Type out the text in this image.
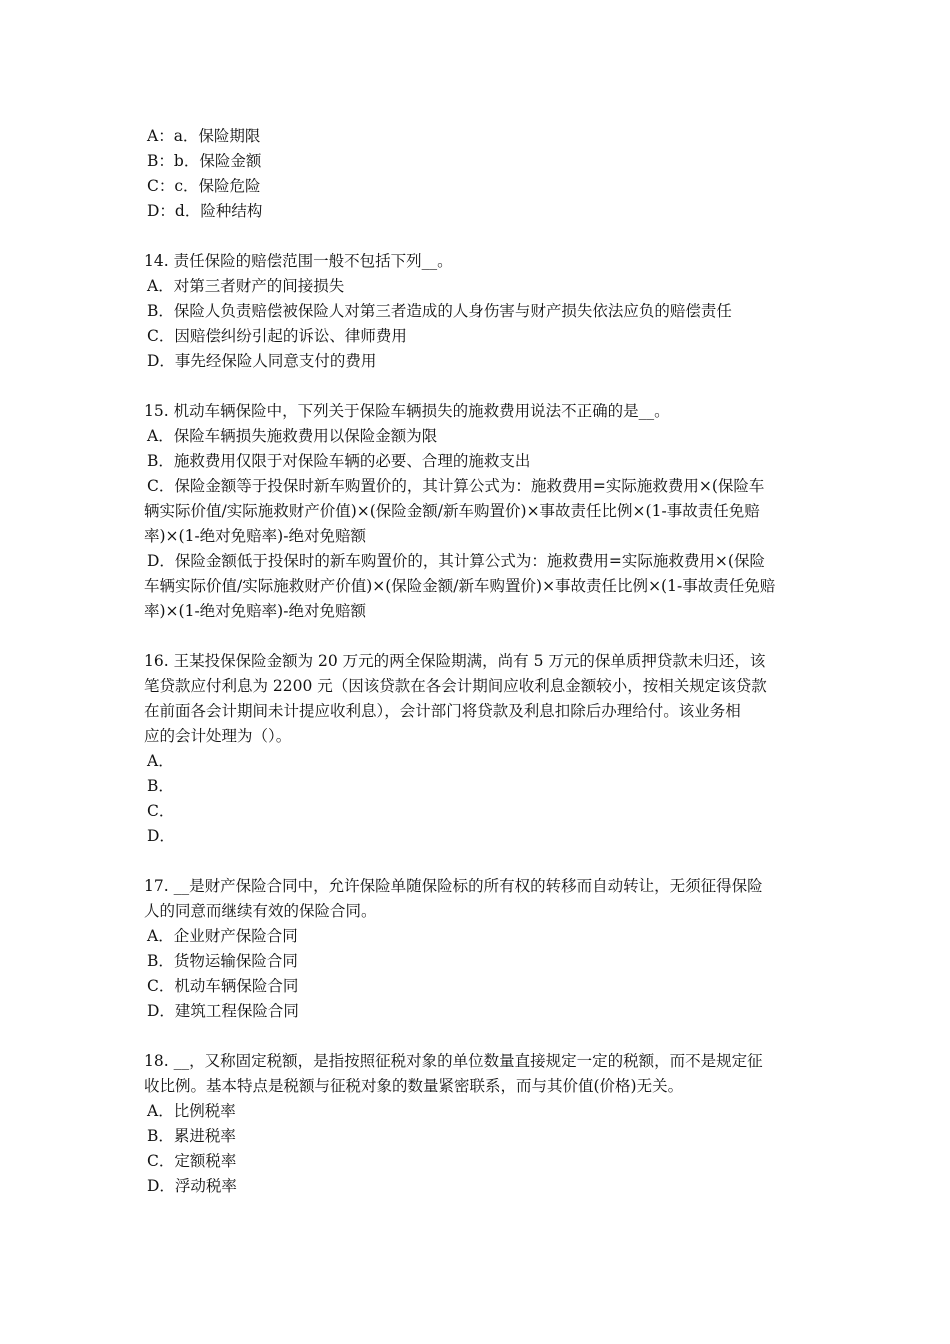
A：a．保险期限
B：b．保险金额
C：c．保险危险
D：d．险种结构
14. 责任保险的赔偿范围一般不包括下列__。
A．对第三者财产的间接损失
B．保险人负责赔偿被保险人对第三者造成的人身伤害与财产损失依法应负的赔偿责任
C．因赔偿纠纷引起的诉讼、律师费用
D．事先经保险人同意支付的费用
15. 机动车辆保险中，下列关于保险车辆损失的施救费用说法不正确的是__。
A．保险车辆损失施救费用以保险金额为限
B．施救费用仅限于对保险车辆的必要、合理的施救支出
C．保险金额等于投保时新车购置价的，其计算公式为：施救费用=实际施救费用×(保险车
辆实际价值/实际施救财产价值)×(保险金额/新车购置价)×事故责任比例×(1-事故责任免赔
率)×(1-绝对免赔率)-绝对免赔额
D．保险金额低于投保时的新车购置价的，其计算公式为：施救费用=实际施救费用×(保险
车辆实际价值/实际施救财产价值)×(保险金额/新车购置价)×事故责任比例×(1-事故责任免赔
率)×(1-绝对免赔率)-绝对免赔额
16. 王某投保保险金额为 20 万元的两全保险期满，尚有 5 万元的保单质押贷款未归还，该
笔贷款应付利息为 2200 元（因该贷款在各会计期间应收利息金额较小，按相关规定该贷款
在前面各会计期间未计提应收利息），会计部门将贷款及利息扣除后办理给付。该业务相
应的会计处理为（）。
A．
B．
C．
D．
17. __是财产保险合同中，允许保险单随保险标的所有权的转移而自动转让，无须征得保险
人的同意而继续有效的保险合同。
A．企业财产保险合同
B．货物运输保险合同
C．机动车辆保险合同
D．建筑工程保险合同
18. __，又称固定税额，是指按照征税对象的单位数量直接规定一定的税额，而不是规定征
收比例。基本特点是税额与征税对象的数量紧密联系，而与其价值(价格)无关。
A．比例税率
B．累进税率
C．定额税率
D．浮动税率
